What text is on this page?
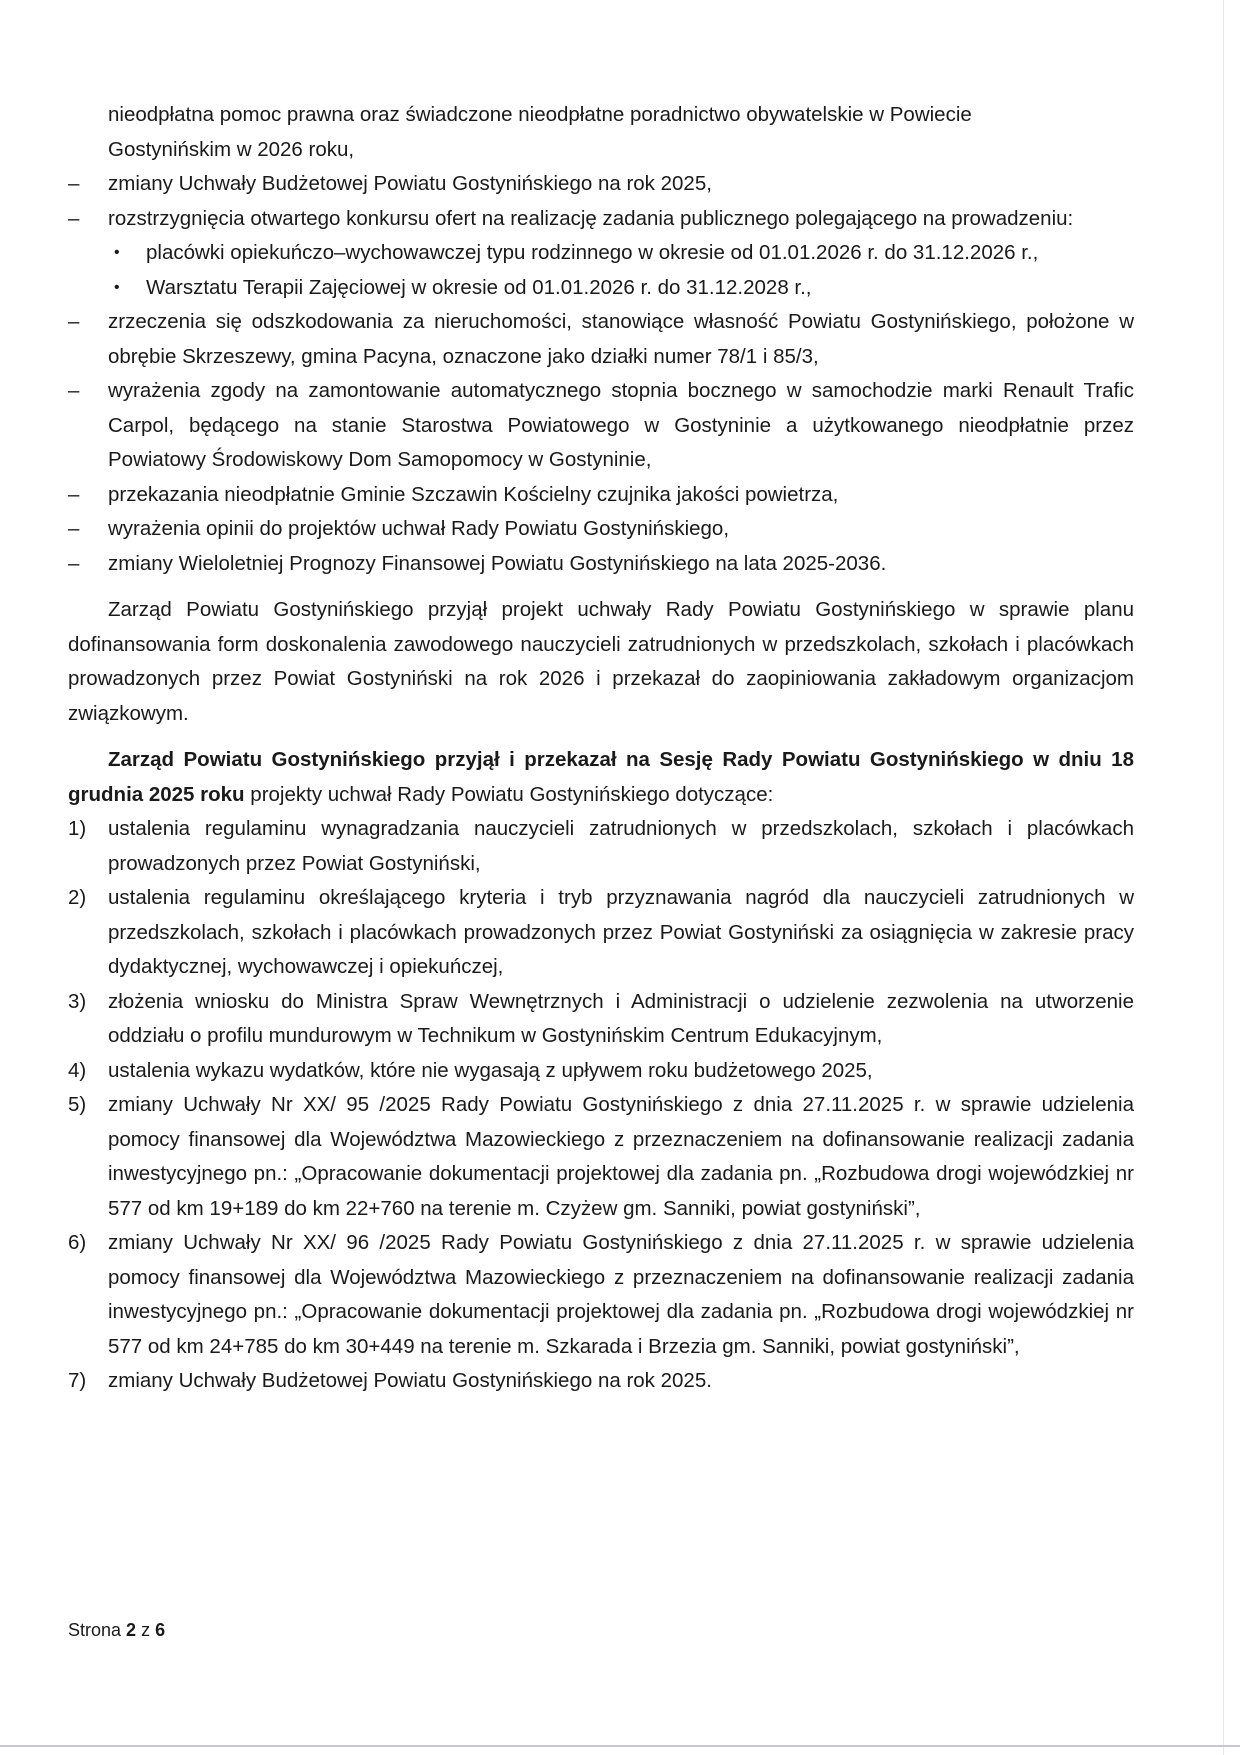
nieodpłatna pomoc prawna oraz świadczone nieodpłatne poradnictwo obywatelskie w Powiecie
Gostynińskim w 2026 roku,
–	zmiany Uchwały Budżetowej Powiatu Gostynińskiego na rok 2025,
–	rozstrzygnięcia otwartego konkursu ofert na realizację zadania publicznego polegającego na prowadzeniu:
• placówki opiekuńczo–wychowawczej typu rodzinnego w okresie od 01.01.2026 r. do 31.12.2026 r.,
• Warsztatu Terapii Zajęciowej w okresie od 01.01.2026 r. do 31.12.2028 r.,
–	zrzeczenia się odszkodowania za nieruchomości, stanowiące własność Powiatu Gostynińskiego, położone w obrębie Skrzeszewy, gmina Pacyna, oznaczone jako działki numer 78/1 i 85/3,
–	wyrażenia zgody na zamontowanie automatycznego stopnia bocznego w samochodzie marki Renault Trafic Carpol, będącego na stanie Starostwa Powiatowego w Gostyninie a użytkowanego nieodpłatnie przez Powiatowy Środowiskowy Dom Samopomocy w Gostyninie,
–	przekazania nieodpłatnie Gminie Szczawin Kościelny czujnika jakości powietrza,
–	wyrażenia opinii do projektów uchwał Rady Powiatu Gostynińskiego,
–	zmiany Wieloletniej Prognozy Finansowej Powiatu Gostynińskiego na lata 2025-2036.

Zarząd Powiatu Gostynińskiego przyjął projekt uchwały Rady Powiatu Gostynińskiego w sprawie planu dofinansowania form doskonalenia zawodowego nauczycieli zatrudnionych w przedszkolach, szkołach i placówkach prowadzonych przez Powiat Gostyniński na rok 2026 i przekazał do zaopiniowania zakładowym organizacjom związkowym.

Zarząd Powiatu Gostynińskiego przyjął i przekazał na Sesję Rady Powiatu Gostynińskiego w dniu 18 grudnia 2025 roku projekty uchwał Rady Powiatu Gostynińskiego dotyczące:

1) ustalenia regulaminu wynagradzania nauczycieli zatrudnionych w przedszkolach, szkołach i placówkach prowadzonych przez Powiat Gostyniński,
2) ustalenia regulaminu określającego kryteria i tryb przyznawania nagród dla nauczycieli zatrudnionych w przedszkolach, szkołach i placówkach prowadzonych przez Powiat Gostyniński za osiągnięcia w zakresie pracy dydaktycznej, wychowawczej i opiekuńczej,
3) złożenia wniosku do Ministra Spraw Wewnętrznych i Administracji o udzielenie zezwolenia na utworzenie oddziału o profilu mundurowym w Technikum w Gostynińskim Centrum Edukacyjnym,
4) ustalenia wykazu wydatków, które nie wygasają z upływem roku budżetowego 2025,
5) zmiany Uchwały Nr XX/ 95 /2025 Rady Powiatu Gostynińskiego z dnia 27.11.2025 r. w sprawie udzielenia pomocy finansowej dla Województwa Mazowieckiego z przeznaczeniem na dofinansowanie realizacji zadania inwestycyjnego pn.: „Opracowanie dokumentacji projektowej dla zadania pn. „Rozbudowa drogi wojewódzkiej nr 577 od km 19+189 do km 22+760 na terenie m. Czyżew gm. Sanniki, powiat gostyniński”,
6) zmiany Uchwały Nr XX/ 96 /2025 Rady Powiatu Gostynińskiego z dnia 27.11.2025 r. w sprawie udzielenia pomocy finansowej dla Województwa Mazowieckiego z przeznaczeniem na dofinansowanie realizacji zadania inwestycyjnego pn.: „Opracowanie dokumentacji projektowej dla zadania pn. „Rozbudowa drogi wojewódzkiej nr 577 od km 24+785 do km 30+449 na terenie m. Szkarada i Brzezia gm. Sanniki, powiat gostyniński”,
7) zmiany Uchwały Budżetowej Powiatu Gostynińskiego na rok 2025.
Strona 2 z 6
